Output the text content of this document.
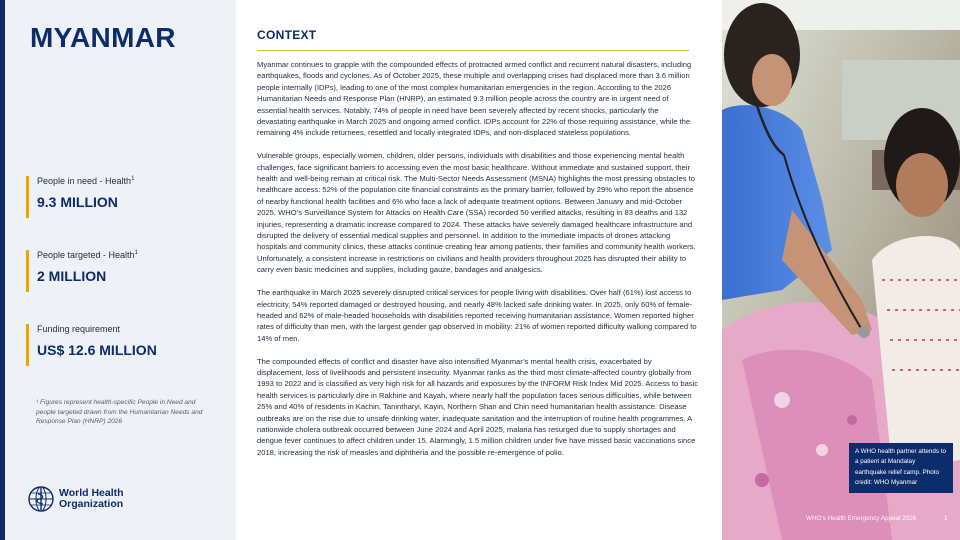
MYANMAR
People in need - Health$^1$
9.3 MILLION
People targeted - Health$^1$
2 MILLION
Funding requirement
US$ 12.6 MILLION
¹ Figures represent health-specific People in Need and people targeted drawn from the Humanitarian Needs and Response Plan (HNRP) 2026
World Health
Organization
CONTEXT

Myanmar continues to grapple with the compounded effects of protracted armed conflict and recurrent natural disasters, including earthquakes, floods and cyclones. As of October 2025, these multiple and overlapping crises had displaced more than 3.6 million people internally (IDPs), leading to one of the most complex humanitarian emergencies in the region. According to the 2026 Humanitarian Needs and Response Plan (HNRP), an estimated 9.3 million people across the country are in urgent need of essential health services. Notably, 74% of people in need have been severely affected by recent shocks, particularly the devastating earthquake in March 2025 and ongoing armed conflict. IDPs account for 22% of those requiring assistance, while the remaining 4% include returnees, resettled and locally integrated IDPs, and non-displaced stateless populations.

Vulnerable groups, especially women, children, older persons, individuals with disabilities and those experiencing mental health challenges, face significant barriers to accessing even the most basic healthcare. Without immediate and sustained support, their health and well-being remain at critical risk. The Multi-Sector Needs Assessment (MSNA) highlights the most pressing obstacles to healthcare access: 52% of the population cite financial constraints as the primary barrier, followed by 29% who report the absence of nearby functional health facilities and 6% who face a lack of adequate treatment options. Between January and mid-October 2025, WHO’s Surveillance System for Attacks on Health Care (SSA) recorded 50 verified attacks, resulting in 83 deaths and 132 injuries, representing a dramatic increase compared to 2024. These attacks have severely damaged healthcare infrastructure and disrupted the delivery of essential medical supplies and personnel. In addition to the immediate impacts of drones attacking hospitals and community clinics, these attacks continue creating fear among patients, their families and community health workers. Unfortunately, a consistent increase in restrictions on civilians and health providers throughout 2025 has disrupted their ability to carry even basic medicines and supplies, including gauze, bandages and analgesics.

The earthquake in March 2025 severely disrupted critical services for people living with disabilities. Over half (61%) lost access to electricity, 54% reported damaged or destroyed housing, and nearly 48% lacked safe drinking water. In 2025, only 60% of female-headed and 62% of male-headed households with disabilities reported receiving humanitarian assistance. Women reported higher rates of difficulty than men, with the largest gender gap observed in mobility: 21% of women reported difficulty walking compared to 14% of men.

The compounded effects of conflict and disaster have also intensified Myanmar’s mental health crisis, exacerbated by displacement, loss of livelihoods and persistent insecurity. Myanmar ranks as the third most climate-affected country globally from 1993 to 2022 and is classified as very high risk for all hazards and exposures by the INFORM Risk Index Mid 2025. Access to basic health services is particularly dire in Rakhine and Kayah, where nearly half the population faces serious difficulties, while between 25% and 40% of residents in Kachin, Tanintharyi, Kayin, Northern Shan and Chin need humanitarian health assistance. Disease outbreaks are on the rise due to unsafe drinking water, inadequate sanitation and the interruption of routine health programmes. A nationwide cholera outbreak occurred between June 2024 and April 2025, malaria has resurged due to supply shortages and dengue fever continues to affect children under 15. Alarmingly, 1.5 million children under five have missed basic vaccinations since 2018, increasing the risk of measles and diphtheria and the possible re-emergence of polio.	A WHO health partner attends to a patient at Mandalay earthquake relief camp. Photo credit: WHO Myanmar
WHO’s Health Emergency Appeal 2026	1
